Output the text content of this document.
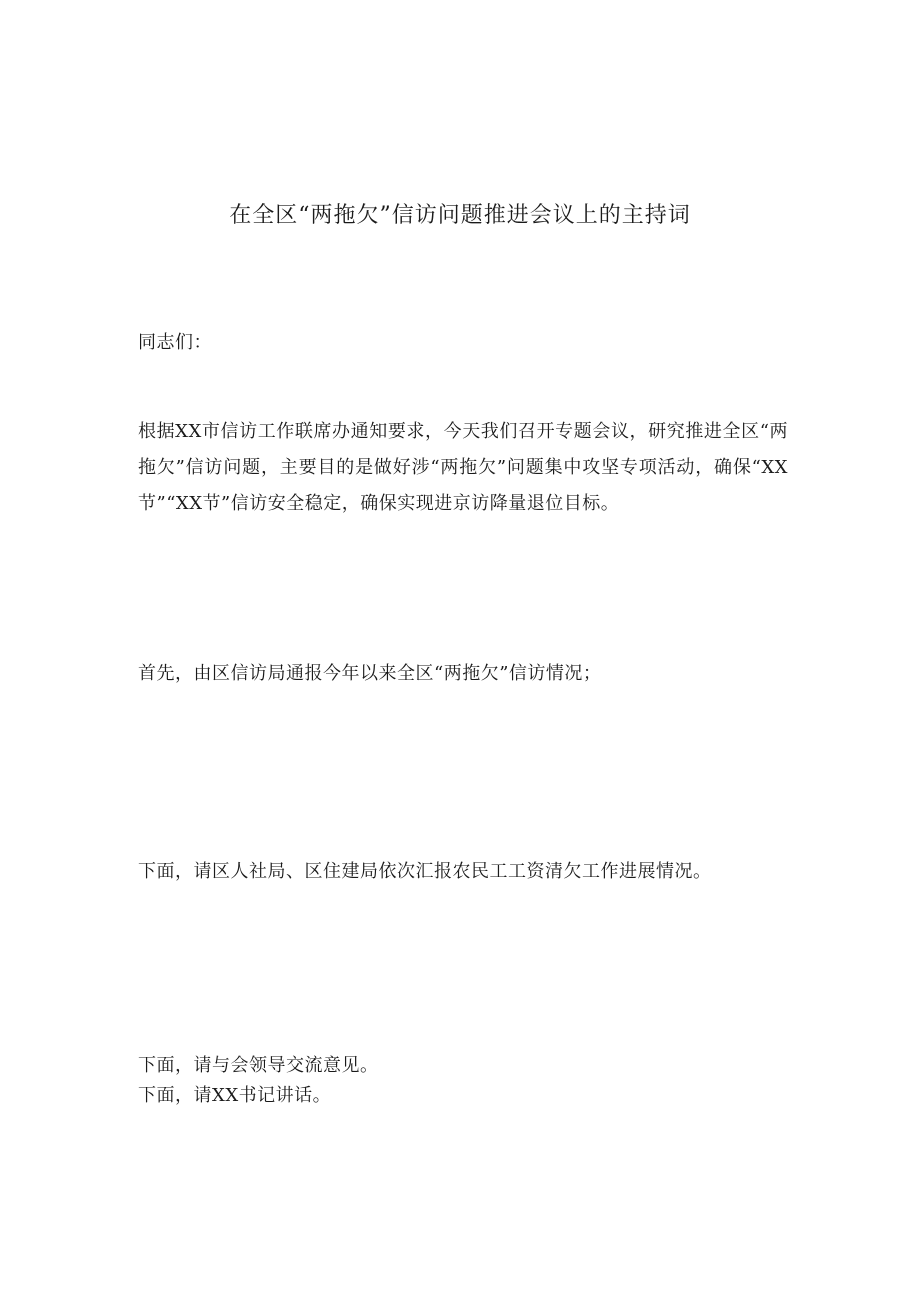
在全区“两拖欠”信访问题推进会议上的主持词

同志们：

根据XX市信访工作联席办通知要求，今天我们召开专题会议，研究推进全区“两拖欠”信访问题，主要目的是做好涉“两拖欠”问题集中攻坚专项活动，确保“XX节”“XX节”信访安全稳定，确保实现进京访降量退位目标。

首先，由区信访局通报今年以来全区“两拖欠”信访情况；

下面，请区人社局、区住建局依次汇报农民工工资清欠工作进展情况。

下面，请与会领导交流意见。

下面，请XX书记讲话。
